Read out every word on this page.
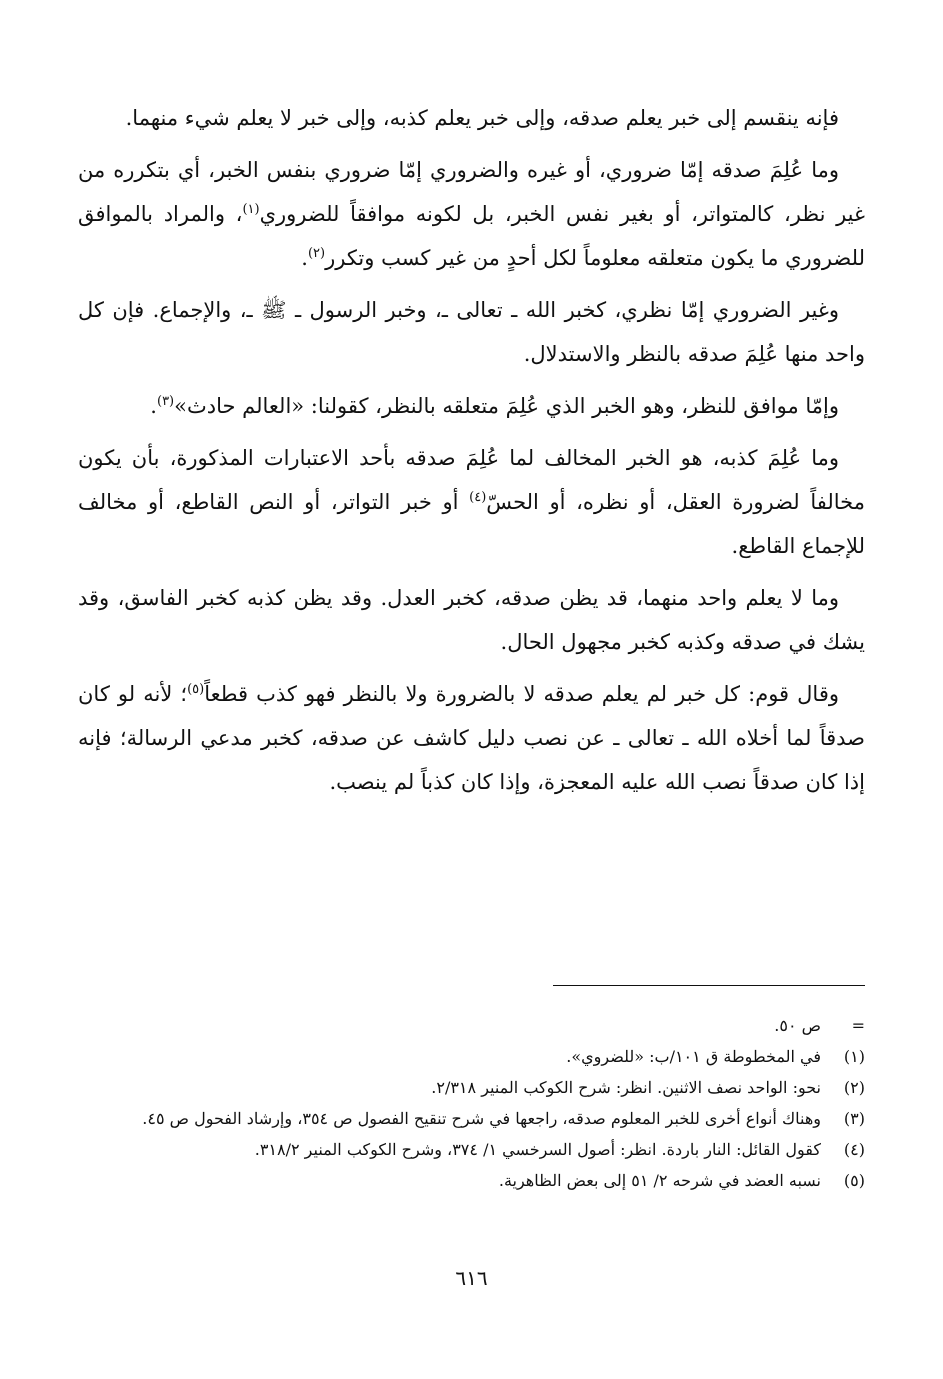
فإنه ينقسم إلى خبر يعلم صدقه، وإلى خبر يعلم كذبه، وإلى خبر لا يعلم شيء منهما.

وما عُلِمَ صدقه إمّا ضروري، أو غيره والضروري إمّا ضروري بنفس الخبر، أي بتكرره من غير نظر، كالمتواتر، أو بغير نفس الخبر، بل لكونه موافقاً للضروري$^{(١)}$، والمراد بالموافق للضروري ما يكون متعلقه معلوماً لكل أحدٍ من غير كسب وتكرر$^{(٢)}$.

وغير الضروري إمّا نظري، كخبر الله ـ تعالى ـ، وخبر الرسول ـ ﷺ ـ، والإجماع. فإن كل واحد منها عُلِمَ صدقه بالنظر والاستدلال.

وإمّا موافق للنظر، وهو الخبر الذي عُلِمَ متعلقه بالنظر، كقولنا: «العالم حادث»$^{(٣)}$.

وما عُلِمَ كذبه، هو الخبر المخالف لما عُلِمَ صدقه بأحد الاعتبارات المذكورة، بأن يكون مخالفاً لضرورة العقل، أو نظره، أو الحسّ$^{(٤)}$ أو خبر التواتر، أو النص القاطع، أو مخالف للإجماع القاطع.

وما لا يعلم واحد منهما، قد يظن صدقه، كخبر العدل. وقد يظن كذبه كخبر الفاسق، وقد يشك في صدقه وكذبه كخبر مجهول الحال.

وقال قوم: كل خبر لم يعلم صدقه لا بالضرورة ولا بالنظر فهو كذب قطعاً$^{(٥)}$؛ لأنه لو كان صدقاً لما أخلاه الله ـ تعالى ـ عن نصب دليل كاشف عن صدقه، كخبر مدعي الرسالة؛ فإنه إذا كان صدقاً نصب الله عليه المعجزة، وإذا كان كذباً لم ينصب.

=
ص ٥٠.
(١)
في المخطوطة ق ١٠١/ب: «للضروي».
(٢)
نحو: الواحد نصف الاثنين. انظر: شرح الكوكب المنير ٢/٣١٨.
(٣)
وهناك أنواع أخرى للخبر المعلوم صدقه، راجعها في شرح تنقيح الفصول ص ٣٥٤، وإرشاد الفحول ص ٤٥.
(٤)
كقول القائل: النار باردة. انظر: أصول السرخسي ١/ ٣٧٤، وشرح الكوكب المنير ٣١٨/٢.
(٥)
نسبه العضد في شرحه ٢/ ٥١ إلى بعض الظاهرية.
٦١٦
